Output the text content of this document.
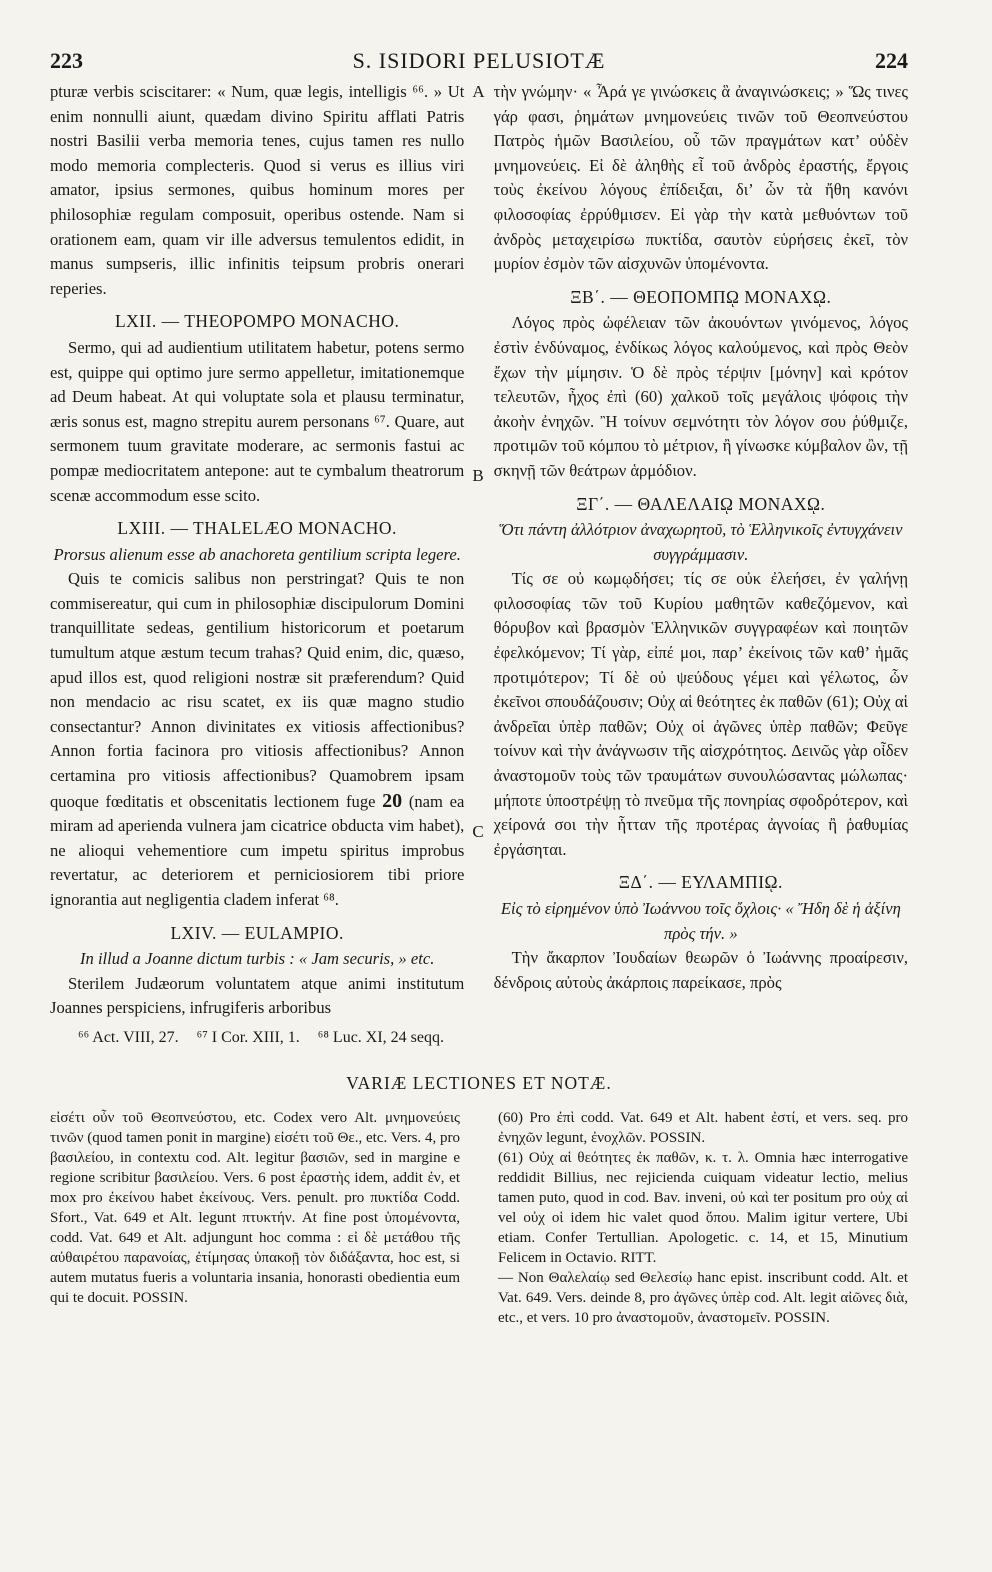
223	S. ISIDORI PELUSIOTÆ	224

pturæ verbis sciscitarer: « Num, quæ legis, intelligis ⁶⁶. » Ut enim nonnulli aiunt, quædam divino Spiritu afflati Patris nostri Basilii verba memoria tenes, cujus tamen res nullo modo memoria complecteris. Quod si verus es illius viri amator, ipsius sermones, quibus hominum mores per philosophiæ regulam composuit, operibus ostende. Nam si orationem eam, quam vir ille adversus temulentos edidit, in manus sumpseris, illic infinitis teipsum probris onerari reperies.

LXII. — THEOPOMPO MONACHO.

Sermo, qui ad audientium utilitatem habetur, potens sermo est, quippe qui optimo jure sermo appelletur, imitationemque ad Deum habeat. At qui voluptate sola et plausu terminatur, æris sonus est, magno strepitu aurem personans ⁶⁷. Quare, aut sermonem tuum gravitate moderare, ac sermonis fastui ac pompæ mediocritatem antepone: aut te cymbalum theatrorum scenæ accommodum esse scito.

LXIII. — THALELÆO MONACHO.

Prorsus alienum esse ab anachoreta gentilium scripta legere.

Quis te comicis salibus non perstringat? Quis te non commisereatur, qui cum in philosophiæ discipulorum Domini tranquillitate sedeas, gentilium historicorum et poetarum tumultum atque æstum tecum trahas? Quid enim, dic, quæso, apud illos est, quod religioni nostræ sit præferendum? Quid non mendacio ac risu scatet, ex iis quæ magno studio consectantur? Annon divinitates ex vitiosis affectionibus? Annon fortia facinora pro vitiosis affectionibus? Annon certamina pro vitiosis affectionibus? Quamobrem ipsam quoque fœditatis et obscenitatis lectionem fuge 20 (nam ea miram ad aperienda vulnera jam cicatrice obducta vim habet), ne alioqui vehementiore cum impetu spiritus improbus revertatur, ac deteriorem et perniciosiorem tibi priore ignorantia aut negligentia cladem inferat ⁶⁸.

LXIV. — EULAMPIO.

In illud a Joanne dictum turbis : « Jam securis, » etc.

Sterilem Judæorum voluntatem atque animi institutum Joannes perspiciens, infrugiferis arboribus

A
B
C

τὴν γνώμην· « Ἆρά γε γινώσκεις ἃ ἀναγινώσκεις; » Ὥς τινες γάρ φασι, ῥημάτων μνημονεύεις τινῶν τοῦ Θεοπνεύστου Πατρὸς ἡμῶν Βασιλείου, οὗ τῶν πραγμάτων κατ’ οὐδὲν μνημονεύεις. Εἰ δὲ ἀληθὴς εἶ τοῦ ἀνδρὸς ἐραστής, ἔργοις τοὺς ἐκείνου λόγους ἐπίδειξαι, δι’ ὧν τὰ ἤθη κανόνι φιλοσοφίας ἐρρύθμισεν. Εἰ γὰρ τὴν κατὰ μεθυόντων τοῦ ἀνδρὸς μεταχειρίσω πυκτίδα, σαυτὸν εὑρήσεις ἐκεῖ, τὸν μυρίον ἐσμὸν τῶν αἰσχυνῶν ὑπομένοντα.

ΞΒ΄. — ΘΕΟΠΟΜΠῼ ΜΟΝΑΧῼ.

Λόγος πρὸς ὠφέλειαν τῶν ἀκουόντων γινόμενος, λόγος ἐστὶν ἐνδύναμος, ἐνδίκως λόγος καλούμενος, καὶ πρὸς Θεὸν ἔχων τὴν μίμησιν. Ὁ δὲ πρὸς τέρψιν [μόνην] καὶ κρότον τελευτῶν, ἦχος ἐπὶ (60) χαλκοῦ τοῖς μεγάλοις ψόφοις τὴν ἀκοὴν ἐνηχῶν. Ἢ τοίνυν σεμνότητι τὸν λόγον σου ῥύθμιζε, προτιμῶν τοῦ κόμπου τὸ μέτριον, ἢ γίνωσκε κύμβαλον ὢν, τῇ σκηνῇ τῶν θεάτρων ἁρμόδιον.

ΞΓ΄. — ΘΑΛΕΛΑΙῼ ΜΟΝΑΧῼ.

Ὅτι πάντη ἀλλότριον ἀναχωρητοῦ, τὸ Ἑλληνικοῖς ἐντυγχάνειν συγγράμμασιν.

Τίς σε οὐ κωμῳδήσει; τίς σε οὐκ ἐλεήσει, ἐν γαλήνῃ φιλοσοφίας τῶν τοῦ Κυρίου μαθητῶν καθεζόμενον, καὶ θόρυβον καὶ βρασμὸν Ἑλληνικῶν συγγραφέων καὶ ποιητῶν ἐφελκόμενον; Τί γὰρ, εἰπέ μοι, παρ’ ἐκείνοις τῶν καθ’ ἡμᾶς προτιμότερον; Τί δὲ οὐ ψεύδους γέμει καὶ γέλωτος, ὧν ἐκεῖνοι σπουδάζουσιν; Οὐχ αἱ θεότητες ἐκ παθῶν (61); Οὐχ αἱ ἀνδρεῖαι ὑπὲρ παθῶν; Οὐχ οἱ ἀγῶνες ὑπὲρ παθῶν; Φεῦγε τοίνυν καὶ τὴν ἀνάγνωσιν τῆς αἰσχρότητος. Δεινῶς γὰρ οἶδεν ἀναστομοῦν τοὺς τῶν τραυμάτων συνουλώσαντας μώλωπας· μήποτε ὑποστρέψῃ τὸ πνεῦμα τῆς πονηρίας σφοδρότερον, καὶ χείρονά σοι τὴν ἧτταν τῆς προτέρας ἀγνοίας ἢ ῥαθυμίας ἐργάσηται.

ΞΔ΄. — ΕΥΛΑΜΠΙῼ.

Εἰς τὸ εἰρημένον ὑπὸ Ἰωάννου τοῖς ὄχλοις· « Ἤδη δὲ ἡ ἀξίνη πρὸς τήν. »

Τὴν ἄκαρπον Ἰουδαίων θεωρῶν ὁ Ἰωάννης προαίρεσιν, δένδροις αὐτοὺς ἀκάρποις παρείκασε, πρὸς

⁶⁶ Act. VIII, 27. ⁶⁷ I Cor. XIII, 1. ⁶⁸ Luc. XI, 24 seqq.
VARIÆ LECTIONES ET NOTÆ.

εἰσέτι οὖν τοῦ Θεοπνεύστου, etc. Codex vero Alt. μνημονεύεις τινῶν (quod tamen ponit in margine) εἰσέτι τοῦ Θε., etc. Vers. 4, pro βασιλείου, in contextu cod. Alt. legitur βασιῶν, sed in margine e regione scribitur βασιλείου. Vers. 6 post ἐραστὴς idem, addit ἐν, et mox pro ἐκείνου habet ἐκείνους. Vers. penult. pro πυκτίδα Codd. Sfort., Vat. 649 et Alt. legunt πτυκτήν. At fine post ὑπομένοντα, codd. Vat. 649 et Alt. adjungunt hoc comma : εἰ δὲ μετάθου τῆς αὐθαιρέτου παρανοίας, ἐτίμησας ὑπακοῇ τὸν διδάξαντα, hoc est, si autem mutatus fueris a voluntaria insania, honorasti obedientia eum qui te docuit. POSSIN.

(60) Pro ἐπὶ codd. Vat. 649 et Alt. habent ἐστί, et vers. seq. pro ἐνηχῶν legunt, ἐνοχλῶν. POSSIN.

(61) Οὐχ αἱ θεότητες ἐκ παθῶν, κ. τ. λ. Omnia hæc interrogative reddidit Billius, nec rejicienda cuiquam videatur lectio, melius tamen puto, quod in cod. Bav. inveni, οὐ καὶ ter positum pro οὐχ αἱ vel οὐχ οἱ idem hic valet quod ὅπου. Malim igitur vertere, Ubi etiam. Confer Tertullian. Apologetic. c. 14, et 15, Minutium Felicem in Octavio. RITT.

— Non Θαλελαίῳ sed Θελεσίῳ hanc epist. inscribunt codd. Alt. et Vat. 649. Vers. deinde 8, pro ἀγῶνες ὑπὲρ cod. Alt. legit αἰῶνες διὰ, etc., et vers. 10 pro ἀναστομοῦν, ἀναστομεῖν. POSSIN.
